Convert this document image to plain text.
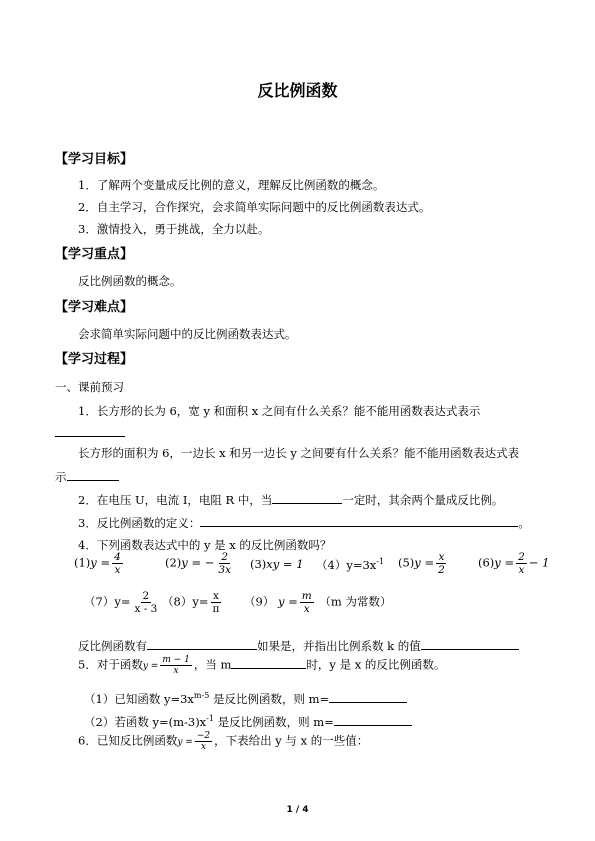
反比例函数
【学习目标】
1．了解两个变量成反比例的意义，理解反比例函数的概念。
2．自主学习，合作探究，会求简单实际问题中的反比例函数表达式。
3．激情投入，勇于挑战，全力以赴。
【学习重点】
反比例函数的概念。
【学习难点】
会求简单实际问题中的反比例函数表达式。
【学习过程】
一、课前预习
1．长方形的长为 6，宽 y 和面积 x 之间有什么关系？能不能用函数表达式表示
长方形的面积为 6，一边长 x 和另一边长 y 之间要有什么关系？能不能用函数表达式表
示
2．在电压 U，电流 I，电阻 R 中，当	一定时，其余两个量成反比例。
3．反比例函数的定义：	。
4．下列函数表达式中的 y 是 x 的反比例函数吗？
$(1)y = \frac{4}{x}$	(2)y = − $\frac{2}{3x} (3)xy = 1$ $(4)y=3x^{-1}$ $(5)y = \frac{x}{2}$	$(6)y = \frac{2}{x} - 1$
$(7)y= \frac{2}{x - 3} (8)y= \frac{x}{\pi} (9) y = \frac{m}{x} (m$ 为常数）
反比例函数有	如果是，并指出比例系数 k 的值
5．对于函数$y = \frac{m - 1}{x}$ ，当 m	时，y 是 x 的反比例函数。
（1）已知函数 $y=3x^{m-5}$ 是反比例函数，则 m=
（2）若函数 $y=(m-3)x^{-1}$ 是反比例函数，则 m=
6．已知反比例函数$y = \frac{-2}{x}$ ，下表给出 y 与 x 的一些值：
1 / 4
